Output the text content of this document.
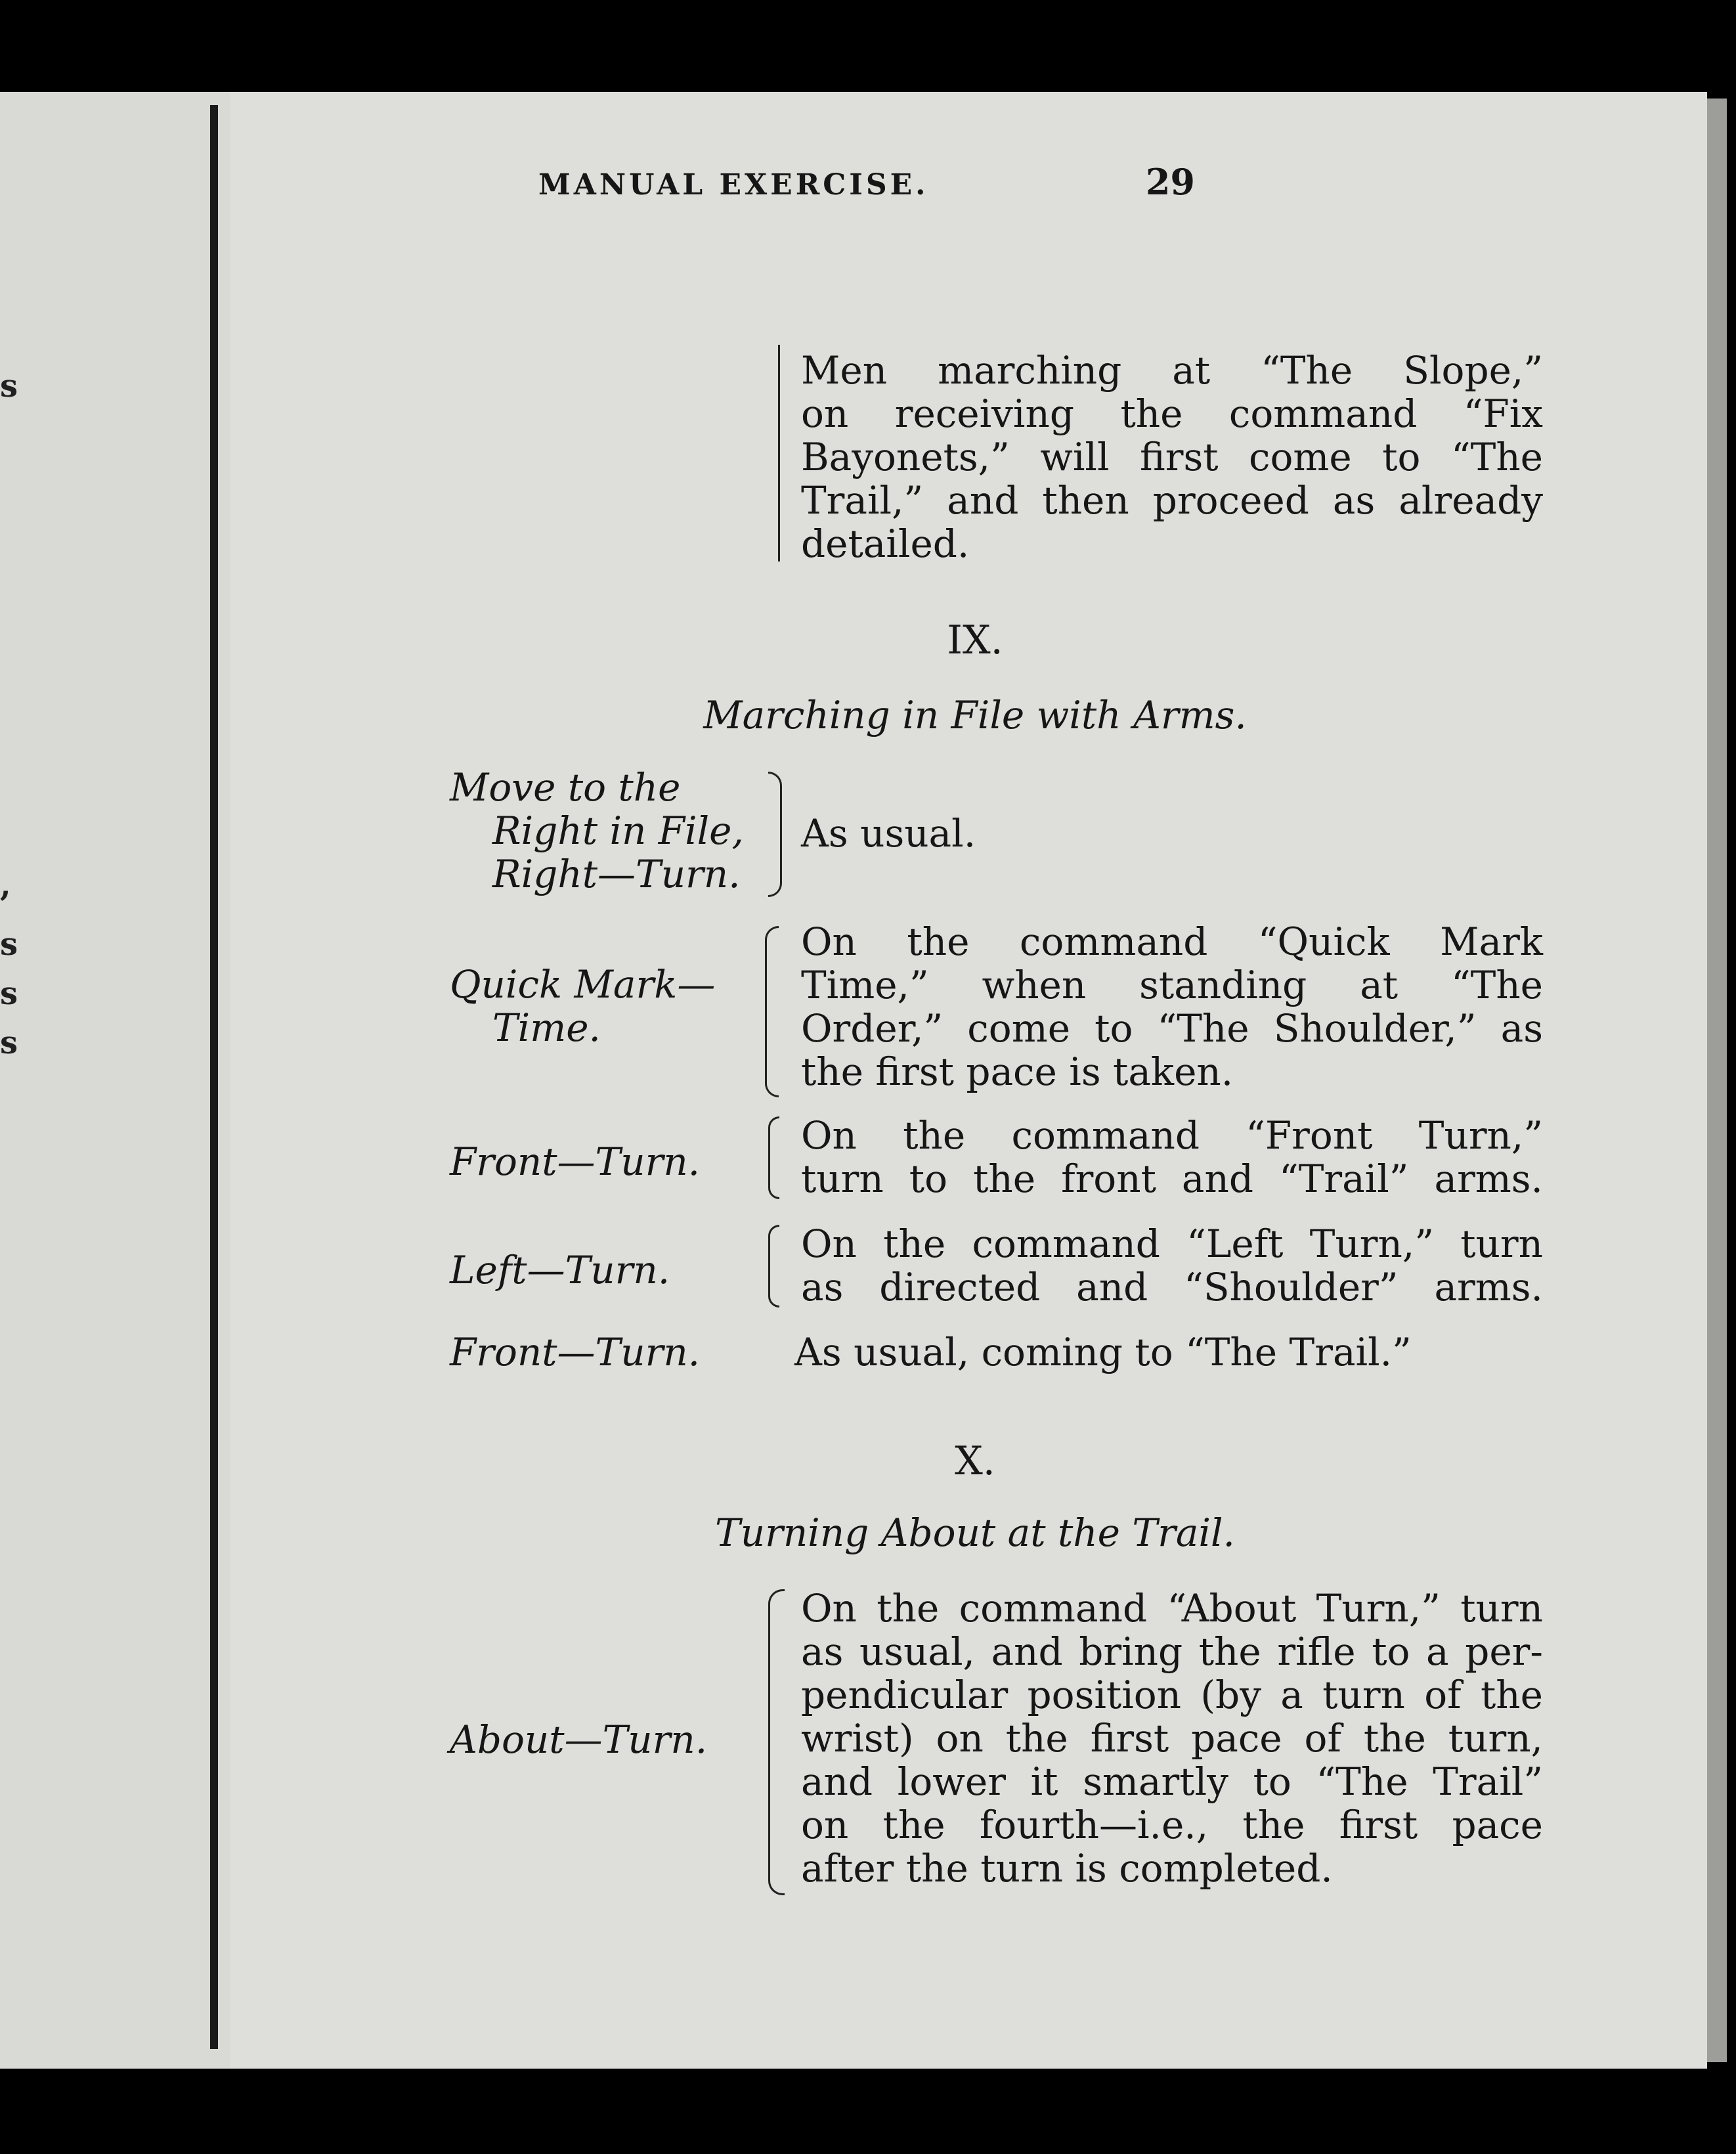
s
,
s
s
s
MANUAL EXERCISE.	29
Men marching at “The Slope,”
on receiving the command “Fix
Bayonets,” will first come to “The
Trail,” and then proceed as already
detailed.
IX.
Marching in File with Arms.
Move to the
Right in File,
Right—Turn.
As usual.
Quick Mark—
Time.
On the command “Quick Mark
Time,” when standing at “The
Order,” come to “The Shoulder,” as
the first pace is taken.
Front—Turn.
On the command “Front Turn,”
turn to the front and “Trail” arms.
Left—Turn.
On the command “Left Turn,” turn
as directed and “Shoulder” arms.
Front—Turn. As usual, coming to “The Trail.”
X.
Turning About at the Trail.
About—Turn.
On the command “About Turn,” turn
as usual, and bring the rifle to a per-
pendicular position (by a turn of the
wrist) on the first pace of the turn,
and lower it smartly to “The Trail”
on the fourth—i.e., the first pace
after the turn is completed.
